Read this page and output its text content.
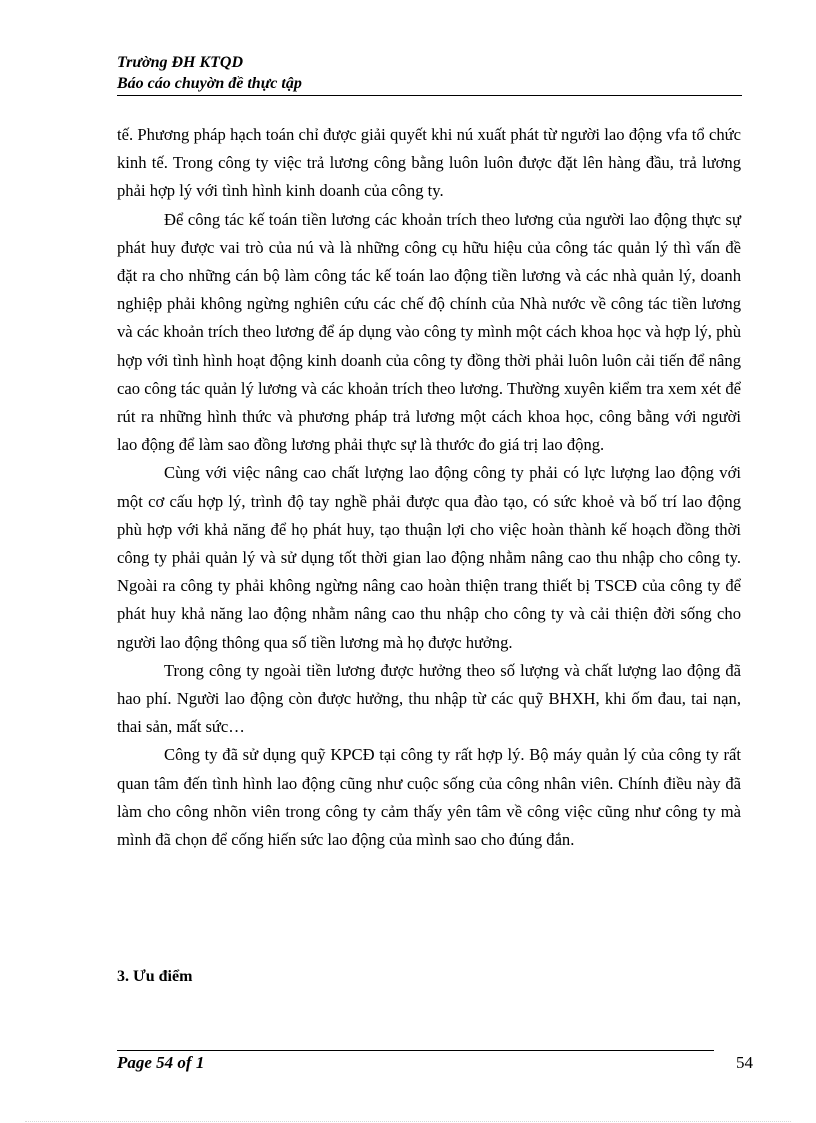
Trường ĐH KTQD
Báo cáo chuyờn đề thực tập

tế. Phương pháp hạch toán chỉ được giải quyết khi nú xuất phát từ người lao động vfa tổ chức kinh tế. Trong công ty việc trả lương công bằng luôn luôn được đặt lên hàng đầu, trả lương phải hợp lý với tình hình kinh doanh của công ty.

Để công tác kế toán tiền lương các khoản trích theo lương của người lao động thực sự phát huy được vai trò của nú và là những công cụ hữu hiệu của công tác quản lý thì vấn đề đặt ra cho những cán bộ làm công tác kế toán lao động tiền lương và các nhà quản lý, doanh nghiệp phải không ngừng nghiên cứu các chế độ chính của Nhà nước về công tác tiền lương và các khoản trích theo lương để áp dụng vào công ty mình một cách khoa học và hợp lý, phù hợp với tình hình hoạt động kinh doanh của công ty đồng thời phải luôn luôn cải tiến để nâng cao công tác quản lý lương và các khoản trích theo lương. Thường xuyên kiểm tra xem xét để rút ra những hình thức và phương pháp trả lương một cách khoa học, công bằng với người lao động để làm sao đồng lương phải thực sự là thước đo giá trị lao động.

Cùng với việc nâng cao chất lượng lao động công ty phải có lực lượng lao động với một cơ cấu hợp lý, trình độ tay nghề phải được qua đào tạo, có sức khoẻ và bố trí lao động phù hợp với khả năng để họ phát huy, tạo thuận lợi cho việc hoàn thành kế hoạch đồng thời công ty phải quản lý và sử dụng tốt thời gian lao động nhằm nâng cao thu nhập cho công ty. Ngoài ra công ty phải không ngừng nâng cao hoàn thiện trang thiết bị TSCĐ của công ty để phát huy khả năng lao động nhằm nâng cao thu nhập cho công ty và cải thiện đời sống cho người lao động thông qua số tiền lương mà họ được hưởng.

Trong công ty ngoài tiền lương được hưởng theo số lượng và chất lượng lao động đã hao phí. Người lao động còn được hưởng, thu nhập từ các quỹ BHXH, khi ốm đau, tai nạn, thai sản, mất sức…

Công ty đã sử dụng quỹ KPCĐ tại công ty rất hợp lý. Bộ máy quản lý của công ty rất quan tâm đến tình hình lao động cũng như cuộc sống của công nhân viên. Chính điều này đã làm cho công nhõn viên trong công ty cảm thấy yên tâm về công việc cũng như công ty mà mình đã chọn để cống hiến sức lao động của mình sao cho đúng đắn.

3. Ưu điểm
Page 54 of 1	54
